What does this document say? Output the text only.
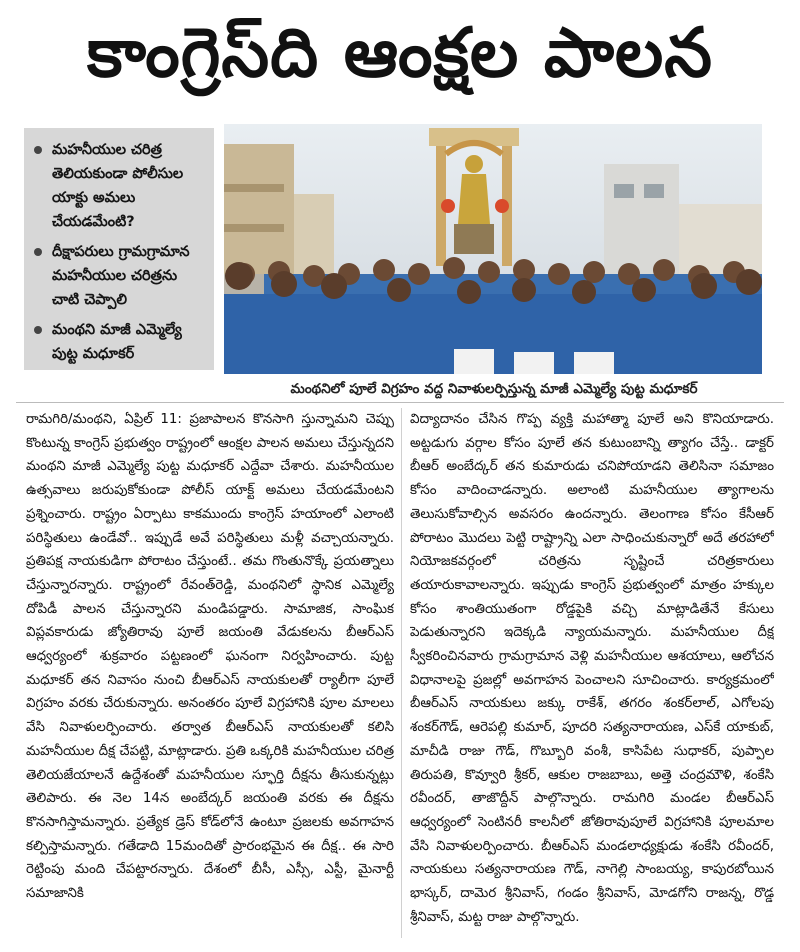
కాంగ్రెస్‌ది ఆంక్షల పాలన
మహనీయుల చరిత్ర తెలియకుండా పోలీసుల యాక్టు అమలు చేయడమేంటి?
దీక్షాపరులు గ్రామగ్రామాన మహనీయుల చరిత్రను చాటి చెప్పాలి
మంథని మాజీ ఎమ్మెల్యే పుట్ట మధూకర్
మంథనిలో పూలే విగ్రహం వద్ద నివాళులర్పిస్తున్న మాజీ ఎమ్మెల్యే పుట్ట మధూకర్

రామగిరి/మంథని, ఏప్రిల్ 11: ప్రజాపాలన కొనసాగి స్తున్నామని చెప్పు కొంటున్న కాంగ్రెస్ ప్రభుత్వం రాష్ట్రంలో ఆంక్షల పాలన అమలు చేస్తున్నదని మంథని మాజీ ఎమ్మెల్యే పుట్ట మధూకర్ ఎద్దేవా చేశారు. మహనీయుల ఉత్సవాలు జరుపుకోకుండా పోలీస్ యాక్ట్ అమలు చేయడమేంటని ప్రశ్నించారు. రాష్ట్రం ఏర్పాటు కాకముందు కాంగ్రెస్ హయాంలో ఎలాంటి పరిస్థితులు ఉండేవో.. ఇప్పుడే అవే పరిస్థితులు మళ్లీ వచ్చాయన్నారు. ప్రతిపక్ష నాయకుడిగా పోరాటం చేస్తుంటే.. తమ గొంతునొక్కే ప్రయత్నాలు చేస్తున్నారన్నారు. రాష్ట్రంలో రేవంత్‌రెడ్డి, మంథనిలో స్థానిక ఎమ్మెల్యే దోపిడీ పాలన చేస్తున్నారని మండిపడ్డారు. సామాజిక, సాంఘిక విప్లవకారుడు జ్యోతిరావు పూలే జయంతి వేడుకలను బీఆర్‌ఎస్ ఆధ్వర్యంలో శుక్రవారం పట్టణంలో ఘనంగా నిర్వహించారు. పుట్ట మధూకర్ తన నివాసం నుంచి బీఆర్‌ఎస్ నాయకులతో ర్యాలీగా పూలే విగ్రహం వరకు చేరుకున్నారు. అనంతరం పూలే విగ్రహానికి పూల మాలలు వేసి నివాళులర్పించారు. తర్వాత బీఆర్‌ఎస్ నాయకులతో కలిసి మహనీయుల దీక్ష చేపట్టి, మాట్లాడారు. ప్రతి ఒక్కరికి మహనీయుల చరిత్ర తెలియజేయాలనే ఉద్దేశంతో మహనీయుల స్ఫూర్తి దీక్షను తీసుకున్నట్లు తెలిపారు. ఈ నెల 14న అంబేద్కర్ జయంతి వరకు ఈ దీక్షను కొనసాగిస్తామన్నారు. ప్రత్యేక డ్రెస్ కోడ్‌లోనే ఉంటూ ప్రజలకు అవగాహన కల్పిస్తామన్నారు. గతేడాది 15మందితో ప్రారంభమైన ఈ దీక్ష.. ఈ సారి రెట్టింపు మంది చేపట్టారన్నారు. దేశంలో బీసీ, ఎస్సీ, ఎస్టీ, మైనార్టీ సమాజానికి

విద్యాదానం చేసిన గొప్ప వ్యక్తి మహాత్మా పూలే అని కొనియాడారు. అట్టడుగు వర్గాల కోసం పూలే తన కుటుంబాన్ని త్యాగం చేస్తే.. డాక్టర్ బీఆర్ అంబేద్కర్ తన కుమారుడు చనిపోయాడని తెలిసినా సమాజం కోసం వాదించాడన్నారు. అలాంటి మహనీయుల త్యాగాలను తెలుసుకోవాల్సిన అవసరం ఉందన్నారు. తెలంగాణ కోసం కేసీఆర్ పోరాటం మొదలు పెట్టి రాష్ట్రాన్ని ఎలా సాధించుకున్నారో అదే తరహాలో నియోజకవర్గంలో చరిత్రను సృష్టించే చరిత్రకారులు తయారుకావాలన్నారు. ఇప్పుడు కాంగ్రెస్ ప్రభుత్వంలో మాత్రం హక్కుల కోసం శాంతియుతంగా రోడ్డపైకి వచ్చి మాట్లాడితేనే కేసులు పెడుతున్నారని ఇదెక్కడి న్యాయమన్నారు. మహనీయుల దీక్ష స్వీకరించినవారు గ్రామగ్రామాన వెళ్లి మహనీయుల ఆశయాలు, ఆలోచన విధానాలపై ప్రజల్లో అవగాహన పెంచాలని సూచించారు. కార్యక్రమంలో బీఆర్‌ఎస్ నాయకులు జక్కు రాకేశ్, తగరం శంకర్‌లాల్, ఎగోలపు శంకర్‌గౌడ్, ఆరెపల్లి కుమార్, పూదరి సత్యనారాయణ, ఎస్‌కే యాకుబ్, మాచీడి రాజు గౌడ్, గొబ్బూరి వంశీ, కాసిపేట సుధాకర్, పుప్పాల తిరుపతి, కొవ్వూరి శ్రీకర్, ఆకుల రాజబాబు, అత్తె చంద్రమౌళి, శంకేసి రవీందర్, తాజొద్దీన్ పాల్గొన్నారు. రామగిరి మండల బీఆర్‌ఎస్ ఆధ్వర్యంలో సెంటినరీ కాలనీలో జోతిరావుపూలే విగ్రహానికి పూలమాల వేసి నివాళులర్పించారు. బీఆర్‌ఎస్ మండలాధ్యక్షుడు శంకేసి రవీందర్, నాయకులు సత్యనారాయణ గౌడ్, నాగెల్లి సాంబయ్య, కాపురబోయిన భాస్కర్, దామెర శ్రీనివాస్, గండం శ్రీనివాస్, మోడగోని రాజన్న, రొడ్డ శ్రీనివాస్, మట్ట రాజు పాల్గొన్నారు.
